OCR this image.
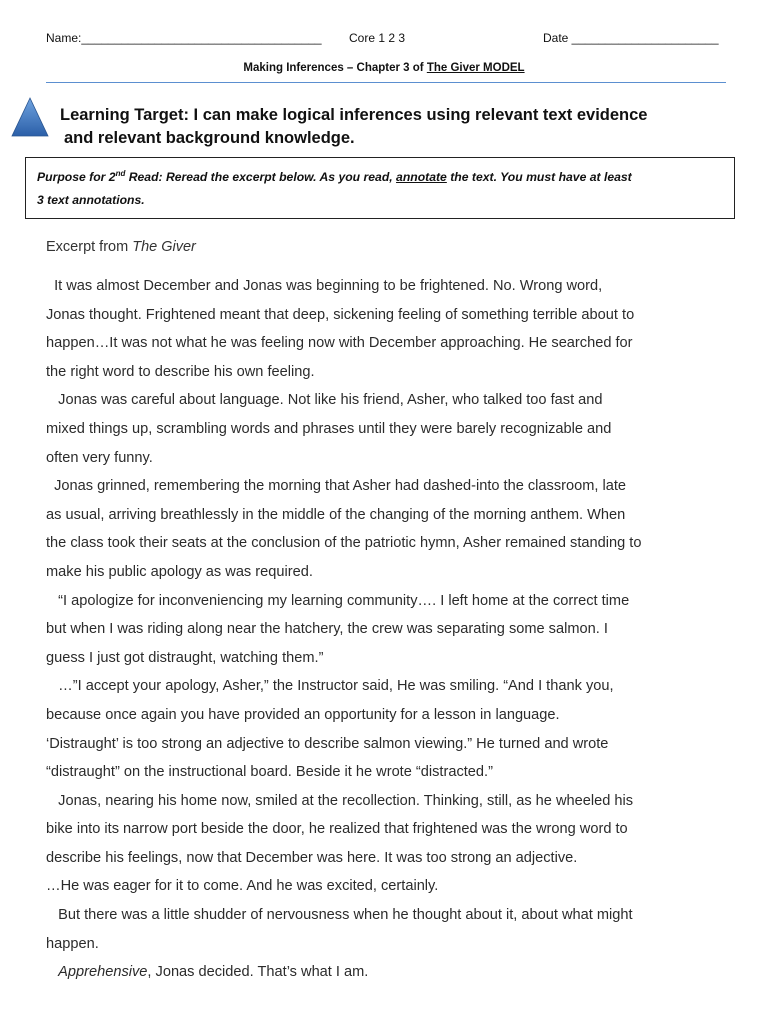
Name:____________________________________ Core 1 2 3	Date ______________________
Making Inferences – Chapter 3 of The Giver MODEL
Learning Target: I can make logical inferences using relevant text evidence
and relevant background knowledge.
Purpose for 2nd Read: Reread the excerpt below. As you read, annotate the text. You must have at least
3 text annotations.
Excerpt from The Giver
It was almost December and Jonas was beginning to be frightened. No. Wrong word,
Jonas thought. Frightened meant that deep, sickening feeling of something terrible about to
happen…It was not what he was feeling now with December approaching. He searched for
the right word to describe his own feeling.
Jonas was careful about language. Not like his friend, Asher, who talked too fast and
mixed things up, scrambling words and phrases until they were barely recognizable and
often very funny.
Jonas grinned, remembering the morning that Asher had dashed-into the classroom, late
as usual, arriving breathlessly in the middle of the changing of the morning anthem. When
the class took their seats at the conclusion of the patriotic hymn, Asher remained standing to
make his public apology as was required.
“I apologize for inconveniencing my learning community…. I left home at the correct time
but when I was riding along near the hatchery, the crew was separating some salmon. I
guess I just got distraught, watching them.”
…”I accept your apology, Asher,” the Instructor said, He was smiling. “And I thank you,
because once again you have provided an opportunity for a lesson in language.
‘Distraught’ is too strong an adjective to describe salmon viewing.” He turned and wrote
“distraught” on the instructional board. Beside it he wrote “distracted.”
Jonas, nearing his home now, smiled at the recollection. Thinking, still, as he wheeled his
bike into its narrow port beside the door, he realized that frightened was the wrong word to
describe his feelings, now that December was here. It was too strong an adjective.
…He was eager for it to come. And he was excited, certainly.
But there was a little shudder of nervousness when he thought about it, about what might
happen.
Apprehensive, Jonas decided. That’s what I am.
